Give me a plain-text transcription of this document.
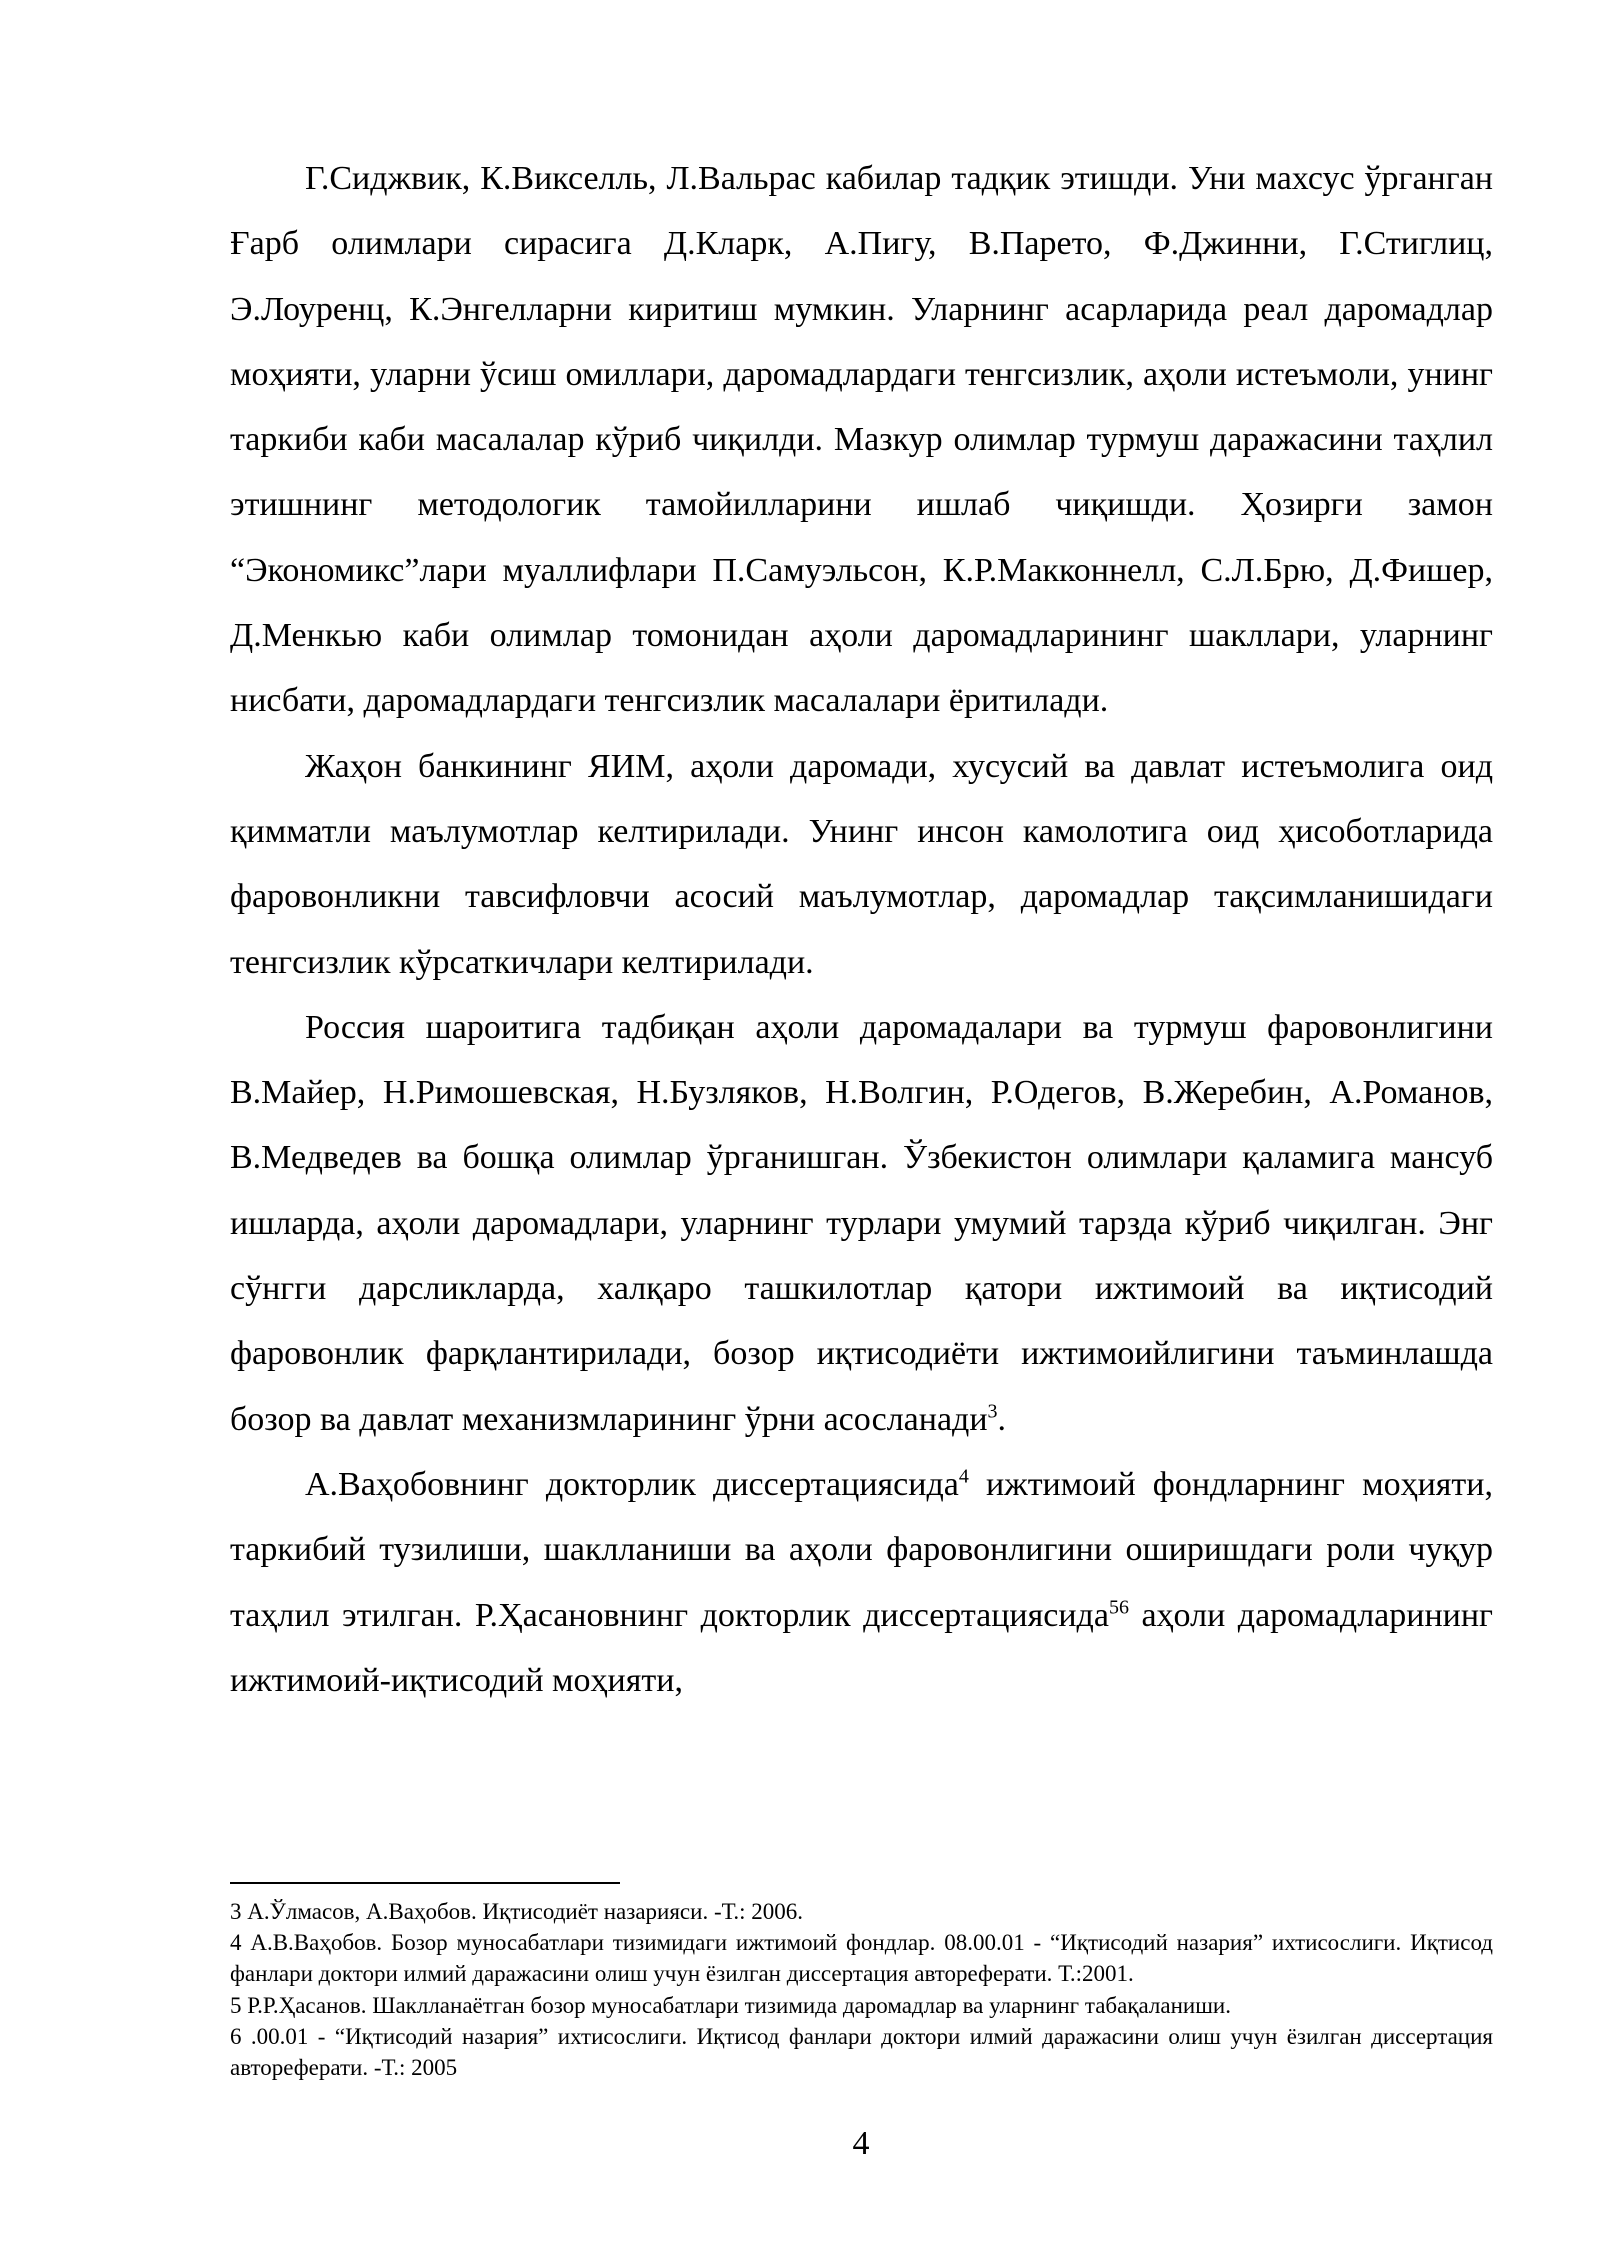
Г.Сиджвик, К.Викселль, Л.Вальрас кабилар тадқик этишди. Уни махсус ўрганган Ғарб олимлари сирасига Д.Кларк, А.Пигу, В.Парето, Ф.Джинни, Г.Стиглиц, Э.Лоуренц, К.Энгелларни киритиш мумкин. Уларнинг асарларида реал даромадлар моҳияти, уларни ўсиш омиллари, даромадлардаги тенгсизлик, аҳоли истеъмоли, унинг таркиби каби масалалар кўриб чиқилди. Мазкур олимлар турмуш даражасини таҳлил этишнинг методологик тамойилларини ишлаб чиқишди. Ҳозирги замон “Экономикс”лари муаллифлари П.Самуэльсон, К.Р.Макконнелл, С.Л.Брю, Д.Фишер, Д.Менкью каби олимлар томонидан аҳоли даромадларининг шакллари, уларнинг нисбати, даромадлардаги тенгсизлик масалалари ёритилади.

Жаҳон банкининг ЯИМ, аҳоли даромади, хусусий ва давлат истеъмолига оид қимматли маълумотлар келтирилади. Унинг инсон камолотига оид ҳисоботларида фаровонликни тавсифловчи асосий маълумотлар, даромадлар тақсимланишидаги тенгсизлик кўрсаткичлари келтирилади.

Россия шароитига тадбиқан аҳоли даромадалари ва турмуш фаровонлигини В.Майер, Н.Римошевская, Н.Бузляков, Н.Волгин, Р.Одегов, В.Жеребин, А.Романов, В.Медведев ва бошқа олимлар ўрганишган. Ўзбекистон олимлари қаламига мансуб ишларда, аҳоли даромадлари, уларнинг турлари умумий тарзда кўриб чиқилган. Энг сўнгги дарсликларда, халқаро ташкилотлар қатори ижтимоий ва иқтисодий фаровонлик фарқлантирилади, бозор иқтисодиёти ижтимоийлигини таъминлашда бозор ва давлат механизмларининг ўрни асосланади$^3$.

А.Ваҳобовнинг докторлик диссертациясида$^4$ ижтимоий фондларнинг моҳияти, таркибий тузилиши, шаклланиши ва аҳоли фаровонлигини оширишдаги роли чуқур таҳлил этилган. Р.Ҳасановнинг докторлик диссертациясида$^{56}$ аҳоли даромадларининг ижтимоий-иқтисодий моҳияти,

3 А.Ўлмасов, А.Ваҳобов. Иқтисодиёт назарияси. -Т.: 2006.

4 А.В.Ваҳобов. Бозор муносабатлари тизимидаги ижтимоий фондлар. 08.00.01 - “Иқтисодий назария” ихтисослиги. Иқтисод фанлари доктори илмий даражасини олиш учун ёзилган диссертация автореферати. Т.:2001.

5 Р.Р.Ҳасанов. Шаклланаётган бозор муносабатлари тизимида даромадлар ва уларнинг табақаланиши.

6 .00.01 - “Иқтисодий назария” ихтисослиги. Иқтисод фанлари доктори илмий даражасини олиш учун ёзилган диссертация автореферати. -Т.: 2005

4
